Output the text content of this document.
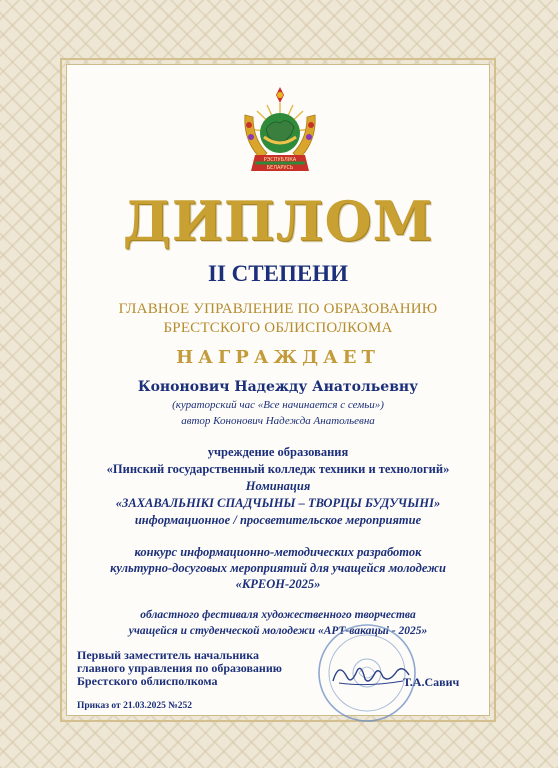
РЭСПУБЛІКА
БЕЛАРУСЬ
ДИПЛОМ
II СТЕПЕНИ
ГЛАВНОЕ УПРАВЛЕНИЕ ПО ОБРАЗОВАНИЮ
БРЕСТСКОГО ОБЛИСПОЛКОМА
НАГРАЖДАЕТ
Кононович Надежду Анатольевну
(кураторский час «Все начинается с семьи»)
автор Кононович Надежда Анатольевна
учреждение образования
«Пинский государственный колледж техники и технологий»
Номинация
«ЗАХАВАЛЬНІКІ СПАДЧЫНЫ – ТВОРЦЫ БУДУЧЫНІ»
информационное / просветительское мероприятие
конкурс информационно-методических разработок
культурно-досуговых мероприятий для учащейся молодежи
«КРЕОН-2025»
областного фестиваля художественного творчества
учащейся и студенческой молодежи «АРТ-вакацыі - 2025»
Первый заместитель начальника
главного управления по образованию
Брестского облисполкома	Т.А.Савич
Приказ от 21.03.2025 №252
